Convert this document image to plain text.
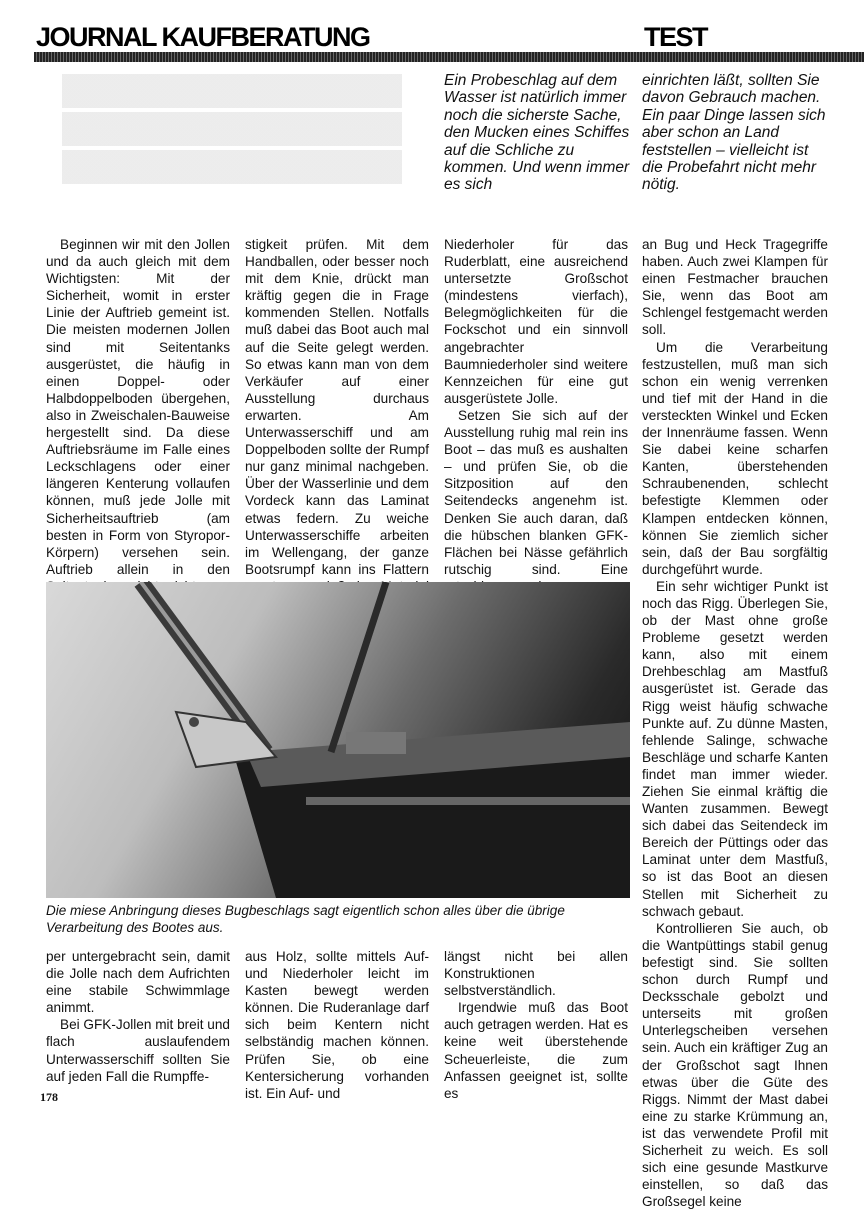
JOURNAL KAUFBERATUNG	TEST
Ein Probeschlag auf dem Wasser ist natürlich immer noch die sicherste Sache, den Mucken eines Schiffes auf die Schliche zu kommen. Und wenn immer es sich
einrichten läßt, sollten Sie davon Gebrauch machen. Ein paar Dinge lassen sich aber schon an Land feststellen – vielleicht ist die Probefahrt nicht mehr nötig.

Beginnen wir mit den Jollen und da auch gleich mit dem Wichtigsten: Mit der Sicherheit, womit in erster Linie der Auftrieb gemeint ist. Die meisten modernen Jollen sind mit Seitentanks ausgerüstet, die häufig in einen Doppel- oder Halbdoppelboden übergehen, also in Zweischalen-Bauweise hergestellt sind. Da diese Auftriebsräume im Falle eines Leckschlagens oder einer längeren Kenterung vollaufen können, muß jede Jolle mit Sicherheitsauftrieb (am besten in Form von Styropor-Körpern) versehen sein. Auftrieb allein in den

stigkeit prüfen. Mit dem Handballen, oder besser noch mit dem Knie, drückt man kräftig gegen die in Frage kommenden Stellen. Notfalls muß dabei das Boot auch mal auf die Seite gelegt werden. So etwas kann man von dem Verkäufer auf einer Ausstellung durchaus erwarten. Am Unterwasserschiff und am Doppelboden sollte der Rumpf nur ganz minimal nachgeben. Über der Wasserlinie und dem Vordeck kann das Laminat etwas federn. Zu weiche Unterwasserschiffe arbeiten im Wellengang, der ganze Bootsrumpf kann ins Flattern

Niederholer für das Ruderblatt, eine ausreichend untersetzte Großschot (mindestens vierfach), Belegmöglichkeiten für die Fockschot und ein sinnvoll angebrachter Baumniederholer sind weitere Kennzeichen für eine gut ausgerüstete Jolle.

Setzen Sie sich auf der Ausstellung ruhig mal rein ins Boot – das muß es aushalten – und prüfen Sie, ob die Sitzposition auf den Seitendecks angenehm ist. Denken Sie auch daran, daß die hübschen blanken GFK-Flächen bei Nässe gefährlich rutschig sind. Eine

an Bug und Heck Tragegriffe haben. Auch zwei Klampen für einen Festmacher brauchen Sie, wenn das Boot am Schlengel festgemacht werden soll.

Um die Verarbeitung festzustellen, muß man sich schon ein wenig verrenken und tief mit der Hand in die versteckten Winkel und Ecken der Innenräume fassen. Wenn Sie dabei keine scharfen Kanten, überstehenden Schraubenenden, schlecht befestigte Klemmen oder Klampen entdecken können, können Sie ziemlich sicher sein, daß der Bau sorgfältig durchgeführt wurde.

Ein sehr wichtiger Punkt ist noch das Rigg. Überlegen Sie, ob der Mast ohne große Probleme gesetzt werden kann, also mit einem Drehbeschlag am Mastfuß ausgerüstet ist. Gerade das Rigg weist häufig schwache Punkte auf. Zu dünne Masten, fehlende Salinge, schwache Beschläge und scharfe Kanten findet man immer wieder. Ziehen Sie einmal kräftig die Wanten zusammen. Bewegt sich dabei das Seitendeck im Bereich der Püttings oder das Laminat unter dem Mastfuß, so ist das Boot an diesen Stellen mit Sicherheit zu schwach gebaut.

Kontrollieren Sie auch, ob die Wantpüttings stabil genug befestigt sind. Sie sollten schon durch Rumpf und Decksschale gebolzt und unterseits mit großen Unterlegscheiben versehen sein. Auch ein kräftiger Zug an der Großschot sagt Ihnen etwas über die Güte des Riggs. Nimmt der Mast dabei eine zu starke Krümmung an, ist das verwendete Profil mit Sicherheit zu weich. Es soll sich eine gesunde Mastkurve einstellen, so daß das Großsegel keine

Die miese Anbringung dieses Bugbeschlags sagt eigentlich schon alles über die übrige Verarbeitung des Bootes aus.

per untergebracht sein, damit die Jolle nach dem Aufrichten eine stabile Schwimmlage animmt.

Bei GFK-Jollen mit breit und flach auslaufendem Unterwasserschiff sollten Sie auf jeden Fall die Rumpffe-

aus Holz, sollte mittels Auf- und Niederholer leicht im Kasten bewegt werden können. Die Ruderanlage darf sich beim Kentern nicht selbständig machen können. Prüfen Sie, ob eine Kentersicherung vorhanden ist. Ein Auf- und

längst nicht bei allen Konstruktionen selbstverständlich.

Irgendwie muß das Boot auch getragen werden. Hat es keine weit überstehende Scheuerleiste, die zum Anfassen geeignet ist, sollte es

178
